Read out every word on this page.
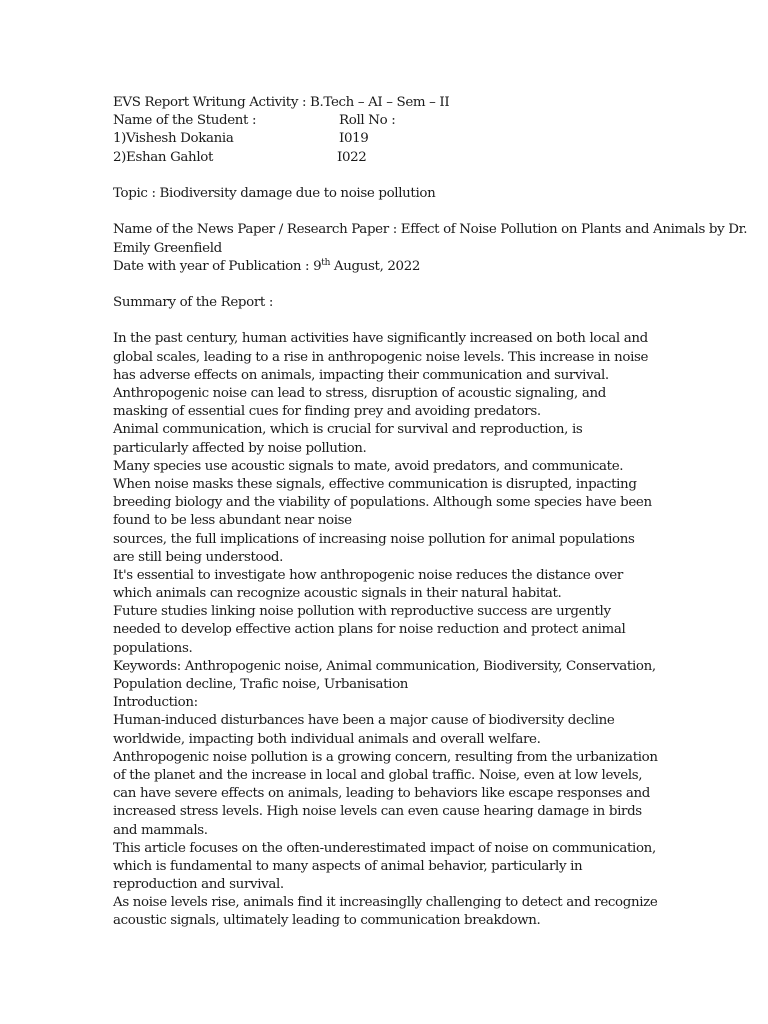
EVS Report Writung Activity : B.Tech – AI – Sem – II
Name of the Student :	Roll No :
1)Vishesh Dokania	I019
2)Eshan Gahlot	I022
Topic : Biodiversity damage due to noise pollution
Name of the News Paper / Research Paper : Effect of Noise Pollution on Plants and Animals by Dr.
Emily Greenfield
Date with year of Publication : 9th August, 2022
Summary of the Report :
In the past century, human activities have significantly increased on both local and
global scales, leading to a rise in anthropogenic noise levels. This increase in noise
has adverse effects on animals, impacting their communication and survival.
Anthropogenic noise can lead to stress, disruption of acoustic signaling, and
masking of essential cues for finding prey and avoiding predators.
Animal communication, which is crucial for survival and reproduction, is
particularly affected by noise pollution.
Many species use acoustic signals to mate, avoid predators, and communicate.
When noise masks these signals, effective communication is disrupted, inpacting
breeding biology and the viability of populations. Although some species have been
found to be less abundant near noise
sources, the full implications of increasing noise pollution for animal populations
are still being understood.
It's essential to investigate how anthropogenic noise reduces the distance over
which animals can recognize acoustic signals in their natural habitat.
Future studies linking noise pollution with reproductive success are urgently
needed to develop effective action plans for noise reduction and protect animal
populations.
Keywords: Anthropogenic noise, Animal communication, Biodiversity, Conservation,
Population decline, Trafic noise, Urbanisation
Introduction:
Human-induced disturbances have been a major cause of biodiversity decline
worldwide, impacting both individual animals and overall welfare.
Anthropogenic noise pollution is a growing concern, resulting from the urbanization
of the planet and the increase in local and global traffic. Noise, even at low levels,
can have severe effects on animals, leading to behaviors like escape responses and
increased stress levels. High noise levels can even cause hearing damage in birds
and mammals.
This article focuses on the often-underestimated impact of noise on communication,
which is fundamental to many aspects of animal behavior, particularly in
reproduction and survival.
As noise levels rise, animals find it increasinglly challenging to detect and recognize
acoustic signals, ultimately leading to communication breakdown.
